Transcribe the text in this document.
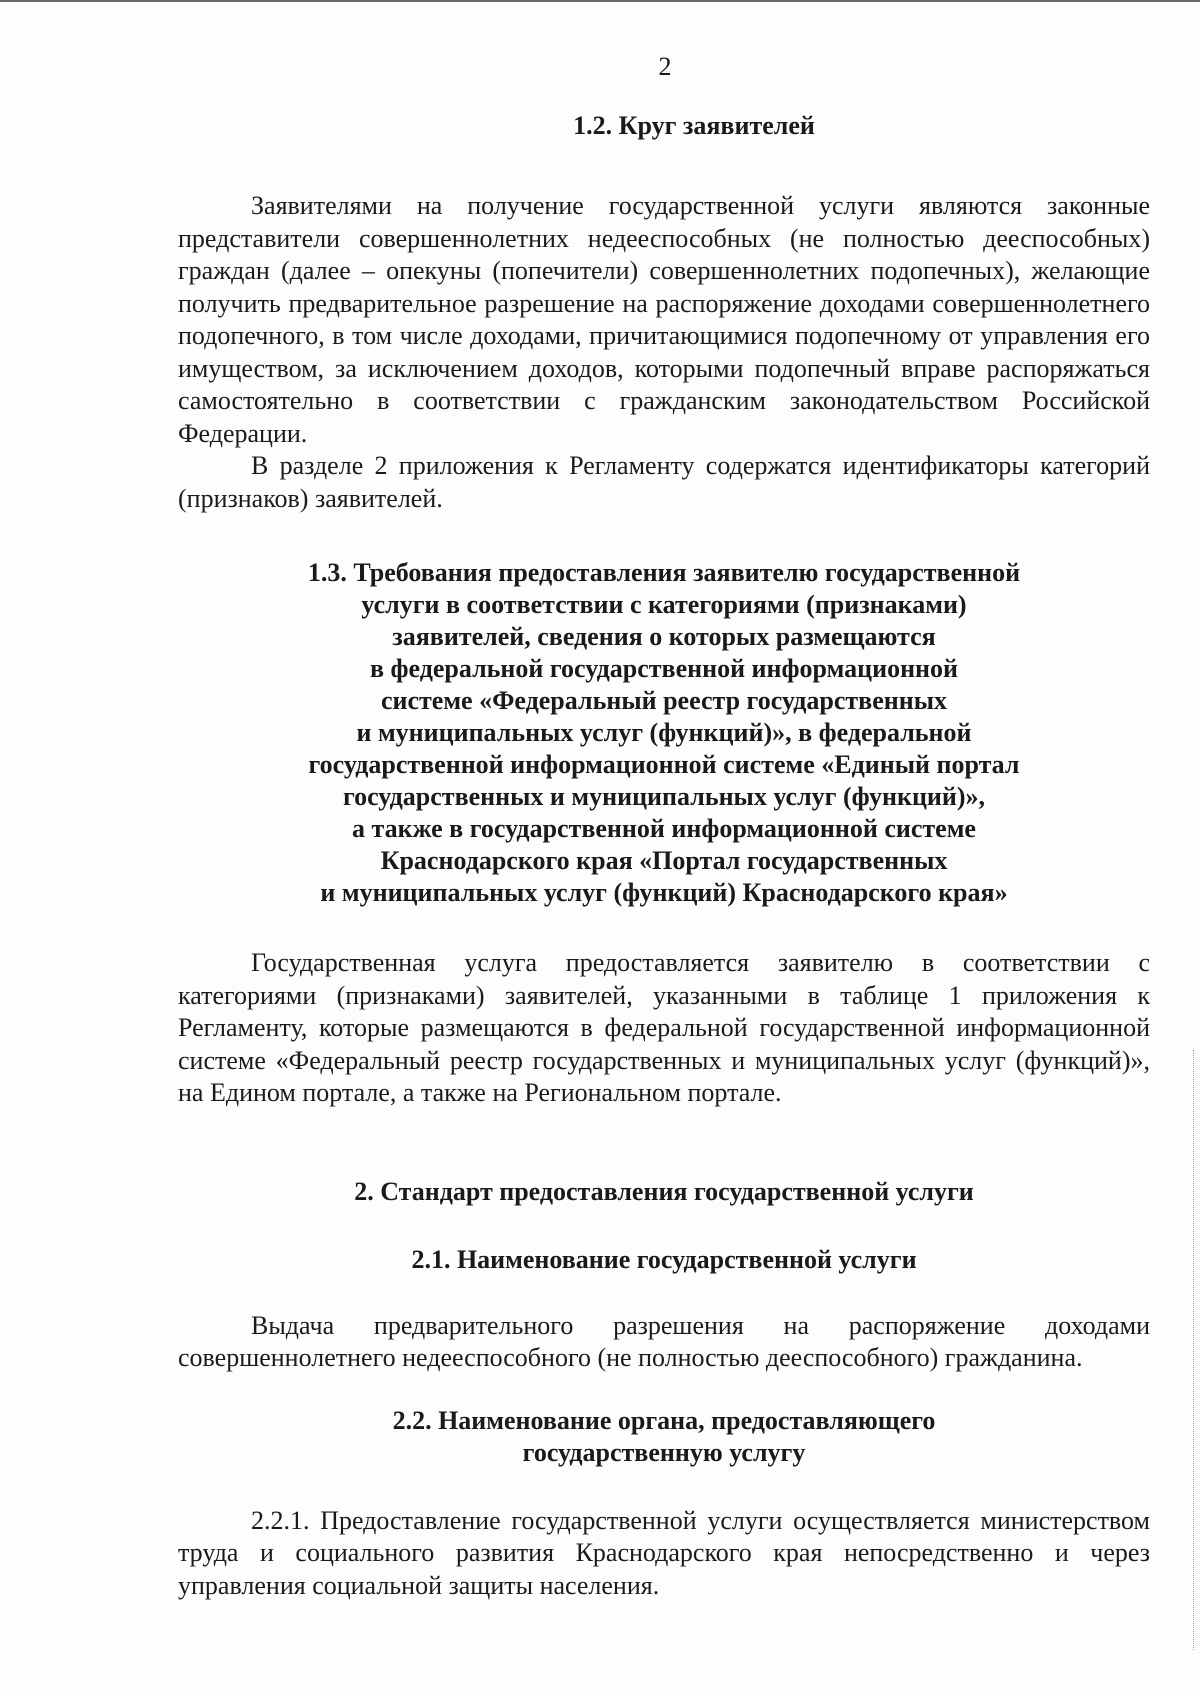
2
1.2. Круг заявителей

Заявителями на получение государственной услуги являются законные представители совершеннолетних недееспособных (не полностью дееспособных) граждан (далее – опекуны (попечители) совершеннолетних подопечных), желающие получить предварительное разрешение на распоряжение доходами совершеннолетнего подопечного, в том числе доходами, причитающимися подопечному от управления его имуществом, за исключением доходов, которыми подопечный вправе распоряжаться самостоятельно в соответствии с гражданским законодательством Российской Федерации.

В разделе 2 приложения к Регламенту содержатся идентификаторы категорий (признаков) заявителей.

1.3. Требования предоставления заявителю государственной
услуги в соответствии с категориями (признаками)
заявителей, сведения о которых размещаются
в федеральной государственной информационной
системе «Федеральный реестр государственных
и муниципальных услуг (функций)», в федеральной
государственной информационной системе «Единый портал
государственных и муниципальных услуг (функций)»,
а также в государственной информационной системе
Краснодарского края «Портал государственных
и муниципальных услуг (функций) Краснодарского края»

Государственная услуга предоставляется заявителю в соответствии с категориями (признаками) заявителей, указанными в таблице 1 приложения к Регламенту, которые размещаются в федеральной государственной информационной системе «Федеральный реестр государственных и муниципальных услуг (функций)», на Едином портале, а также на Региональном портале.

2. Стандарт предоставления государственной услуги
2.1. Наименование государственной услуги

Выдача предварительного разрешения на распоряжение доходами совершеннолетнего недееспособного (не полностью дееспособного) гражданина.

2.2. Наименование органа, предоставляющего
государственную услугу

2.2.1. Предоставление государственной услуги осуществляется министерством труда и социального развития Краснодарского края непосредственно и через управления социальной защиты населения.
